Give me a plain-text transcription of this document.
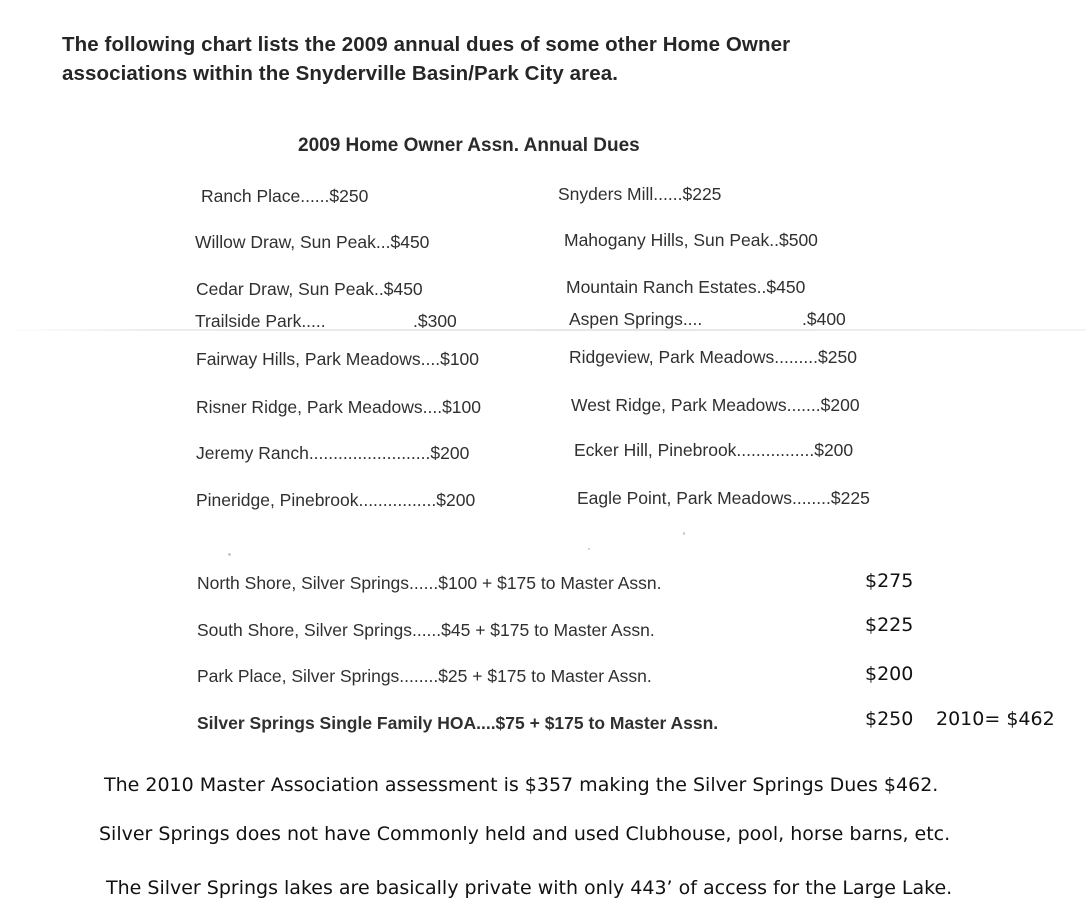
The following chart lists the 2009 annual dues of some other Home Owner
associations within the Snyderville Basin/Park City area.
2009 Home Owner Assn. Annual Dues
Ranch Place......$250	Snyders Mill......$225
Willow Draw, Sun Peak...$450	Mahogany Hills, Sun Peak..$500
Cedar Draw, Sun Peak..$450	Mountain Ranch Estates..$450
Trailside Park.....	.$300	Aspen Springs....	.$400
Fairway Hills, Park Meadows....$100	Ridgeview, Park Meadows.........$250
Risner Ridge, Park Meadows....$100	West Ridge, Park Meadows.......$200
Jeremy Ranch.........................$200	Ecker Hill, Pinebrook................$200
Pineridge, Pinebrook................$200	Eagle Point, Park Meadows........$225
North Shore, Silver Springs......$100 + $175 to Master Assn.	$275
South Shore, Silver Springs......$45 + $175 to Master Assn.	$225
Park Place, Silver Springs........$25 + $175 to Master Assn.	$200
Silver Springs Single Family HOA....$75 + $175 to Master Assn.	$250 2010= $462
The 2010 Master Association assessment is $357 making the Silver Springs Dues $462.
Silver Springs does not have Commonly held and used Clubhouse, pool, horse barns, etc.
The Silver Springs lakes are basically private with only 443’ of access for the Large Lake.
